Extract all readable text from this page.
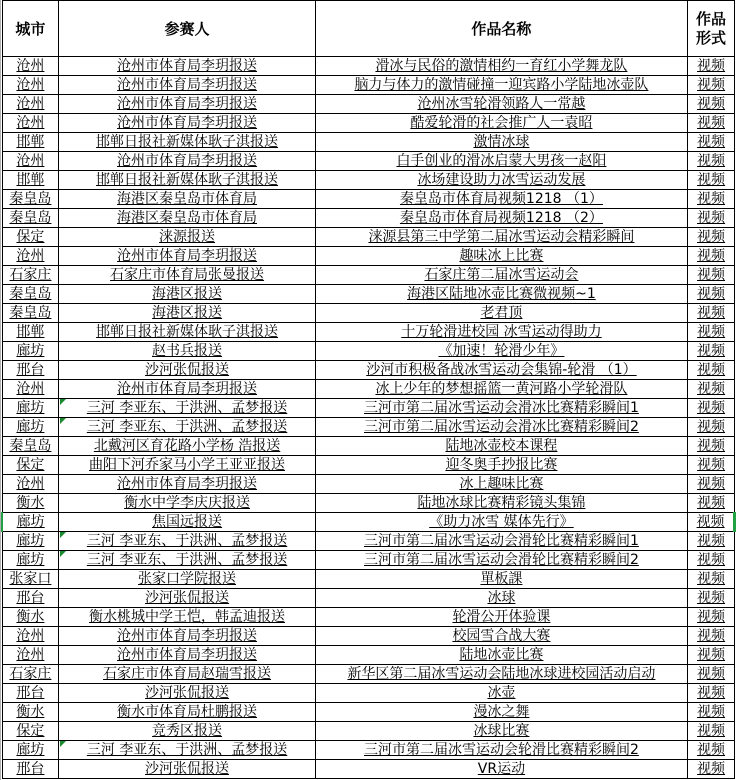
城市	参赛人	作品名称	作品形式
沧州	沧州市体育局李玥报送	滑冰与民俗的激情相约一育红小学舞龙队	视频
沧州	沧州市体育局李玥报送	脑力与体力的激情碰撞一迎宾路小学陆地冰壶队	视频
沧州	沧州市体育局李玥报送	沧州冰雪轮滑领路人一常越	视频
沧州	沧州市体育局李玥报送	酷爱轮滑的社会推广人一袁昭	视频
邯郸	邯郸日报社新媒体耿子淇报送	激情冰球	视频
沧州	沧州市体育局李玥报送	白手创业的滑冰启蒙大男孩一赵阳	视频
邯郸	邯郸日报社新媒体耿子淇报送	冰场建设助力冰雪运动发展	视频
秦皇岛	海港区秦皇岛市体育局	秦皇岛市体育局视频1218 （1）	视频
秦皇岛	海港区秦皇岛市体育局	秦皇岛市体育局视频1218 （2）	视频
保定	涞源报送	涞源县第三中学第二届冰雪运动会精彩瞬间	视频
沧州	沧州市体育局李玥报送	趣味冰上比赛	视频
石家庄	石家庄市体育局张曼报送	石家庄第二届冰雪运动会	视频
秦皇岛	海港区报送	海港区陆地冰壶比赛微视频~1	视频
秦皇岛	海港区报送	老君顶	视频
邯郸	邯郸日报社新媒体耿子淇报送	十万轮滑进校园 冰雪运动得助力	视频
廊坊	赵书兵报送	《加速！轮滑少年》	视频
邢台	沙河张侃报送	沙河市积极备战冰雪运动会集锦-轮滑 （1）	视频
沧州	沧州市体育局李玥报送	冰上少年的梦想摇篮一黄河路小学轮滑队	视频
廊坊	三河 李亚东、于洪洲、孟梦报送	三河市第二届冰雪运动会滑冰比赛精彩瞬间1	视频
廊坊	三河 李亚东、于洪洲、孟梦报送	三河市第二届冰雪运动会滑冰比赛精彩瞬间2	视频
秦皇岛	北戴河区育花路小学杨 浩报送	陆地冰壶校本课程	视频
保定	曲阳下河乔家马小学王亚亚报送	迎冬奥手抄报比赛	视频
沧州	沧州市体育局李玥报送	冰上趣味比赛	视频
衡水	衡水中学李庆庆报送	陆地冰球比赛精彩镜头集锦	视频
廊坊	焦国远报送	《助力冰雪 媒体先行》	视频
廊坊	三河 李亚东、于洪洲、孟梦报送	三河市第二届冰雪运动会滑轮比赛精彩瞬间1	视频
廊坊	三河 李亚东、于洪洲、孟梦报送	三河市第二届冰雪运动会滑轮比赛精彩瞬间2	视频
张家口	张家口学院报送	單板課	视频
邢台	沙河张侃报送	冰球	视频
衡水	衡水桃城中学王恺，韩孟迪报送	轮滑公开体验课	视频
沧州	沧州市体育局李玥报送	校园雪合战大赛	视频
沧州	沧州市体育局李玥报送	陆地冰壶比赛	视频
石家庄	石家庄市体育局赵瑞雪报送	新华区第二届冰雪运动会陆地冰球进校园活动启动	视频
邢台	沙河张侃报送	冰壶	视频
衡水	衡水市体育局杜鹏报送	漫冰之舞	视频
保定	竞秀区报送	冰球比赛	视频
廊坊	三河 李亚东、于洪洲、孟梦报送	三河市第二届冰雪运动会轮滑比赛精彩瞬间2	视频
邢台	沙河张侃报送	VR运动	视频
